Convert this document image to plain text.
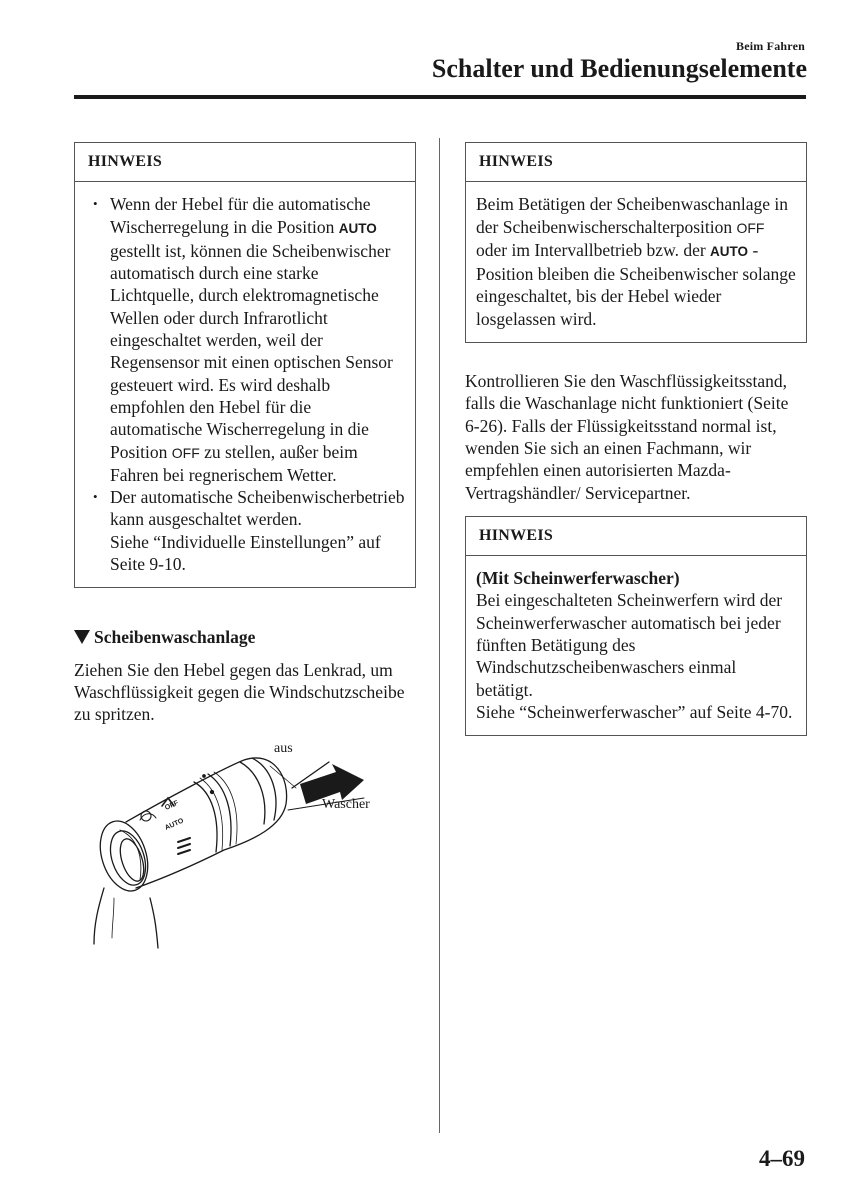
Beim Fahren
Schalter und Bedienungselemente
HINWEIS
• Wenn der Hebel für die automatische Wischerregelung in die Position AUTO gestellt ist, können die Scheibenwischer automatisch durch eine starke Lichtquelle, durch elektromagnetische Wellen oder durch Infrarotlicht eingeschaltet werden, weil der Regensensor mit einen optischen Sensor gesteuert wird. Es wird deshalb empfohlen den Hebel für die automatische Wischerregelung in die Position OFF zu stellen, außer beim Fahren bei regnerischem Wetter.
• Der automatische Scheibenwischerbetrieb kann ausgeschaltet werden.
Siehe “Individuelle Einstellungen” auf Seite 9-10.
Scheibenwaschanlage

Ziehen Sie den Hebel gegen das Lenkrad, um Waschflüssigkeit gegen die Windschutzscheibe zu spritzen.

AUTO
OFF
aus
Wascher
HINWEIS

Beim Betätigen der Scheibenwaschanlage in der Scheibenwischerschalterposition OFF oder im Intervallbetrieb bzw. der AUTO -Position bleiben die Scheibenwischer solange eingeschaltet, bis der Hebel wieder losgelassen wird.

Kontrollieren Sie den Waschflüssigkeitsstand, falls die Waschanlage nicht funktioniert (Seite 6-26). Falls der Flüssigkeitsstand normal ist, wenden Sie sich an einen Fachmann, wir empfehlen einen autorisierten Mazda-Vertragshändler/ Servicepartner.

HINWEIS

(Mit Scheinwerferwascher)

Bei eingeschalteten Scheinwerfern wird der Scheinwerferwascher automatisch bei jeder fünften Betätigung des Windschutzscheibenwaschers einmal betätigt.

Siehe “Scheinwerferwascher” auf Seite 4-70.

4–69
